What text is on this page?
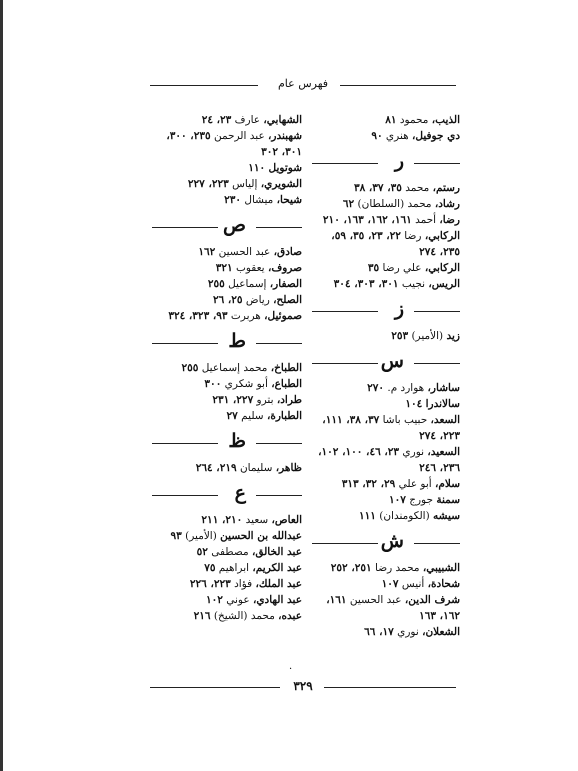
فهرس عام
الذيب، محمود ٨١
دي جوفيل، هنري ٩٠
ر
رستم، محمد ٣٥، ٣٧، ٣٨
رشاد، محمد (السلطان) ٦٢
رضا، أحمد ١٦١، ١٦٢، ١٦٣، ٢١٠
الركابي، رضا ٢٢، ٢٣، ٣٥، ٥٩، ٢٣٥، ٢٧٤
الركابي، علي رضا ٣٥
الريس، نجيب ٣٠١، ٣٠٣، ٣٠٤
ز
زيد (الأمير) ٢٥٣
س
ساشار، هوارد م. ٢٧٠
سالاندرا ١٠٤
السعد، حبيب باشا ٣٧، ٣٨، ١١١، ٢٢٣، ٢٧٤
السعيد، نوري ٢٣، ٤٦، ١٠٠، ١٠٢، ٢٣٦، ٢٤٦
سلام، أبو علي ٢٩، ٣٢، ٣١٣
سمنة جورج ١٠٧
سيشه (الكومندان) ١١١
ش
الشبيبي، محمد رضا ٢٥١، ٢٥٢
شحادة، أنيس ١٠٧
شرف الدين، عبد الحسين ١٦١، ١٦٢، ١٦٣
الشعلان، نوري ١٧، ٦٦
الشهابي، عارف ٢٣، ٢٤
شهبندر، عبد الرحمن ٢٣٥، ٣٠٠، ٣٠١، ٣٠٢
شوتويل ١١٠
الشويري، إلياس ٢٢٣، ٢٢٧
شيحا، ميشال ٢٣٠
ص
صادق، عبد الحسين ١٦٢
صروف، يعقوب ٣٢١
الصفار، إسماعيل ٢٥٥
الصلح، رياض ٢٥، ٢٦
صموئيل، هربرت ٩٣، ٣٢٣، ٣٢٤
ط
الطباخ، محمد إسماعيل ٢٥٥
الطباع، أبو شكري ٣٠٠
طراد، بترو ٢٢٧، ٢٣١
الطبارة، سليم ٢٧
ظ
ظاهر، سليمان ٢١٩، ٢٦٤
ع
العاص، سعيد ٢١٠، ٢١١
عبدالله بن الحسين (الأمير) ٩٣
عبد الخالق، مصطفى ٥٢
عبد الكريم، ابراهيم ٧٥
عبد الملك، فؤاد ٢٢٣، ٢٢٦
عبد الهادي، عوني ١٠٢
عبده، محمد (الشيخ) ٢١٦
·
٣٢٩
